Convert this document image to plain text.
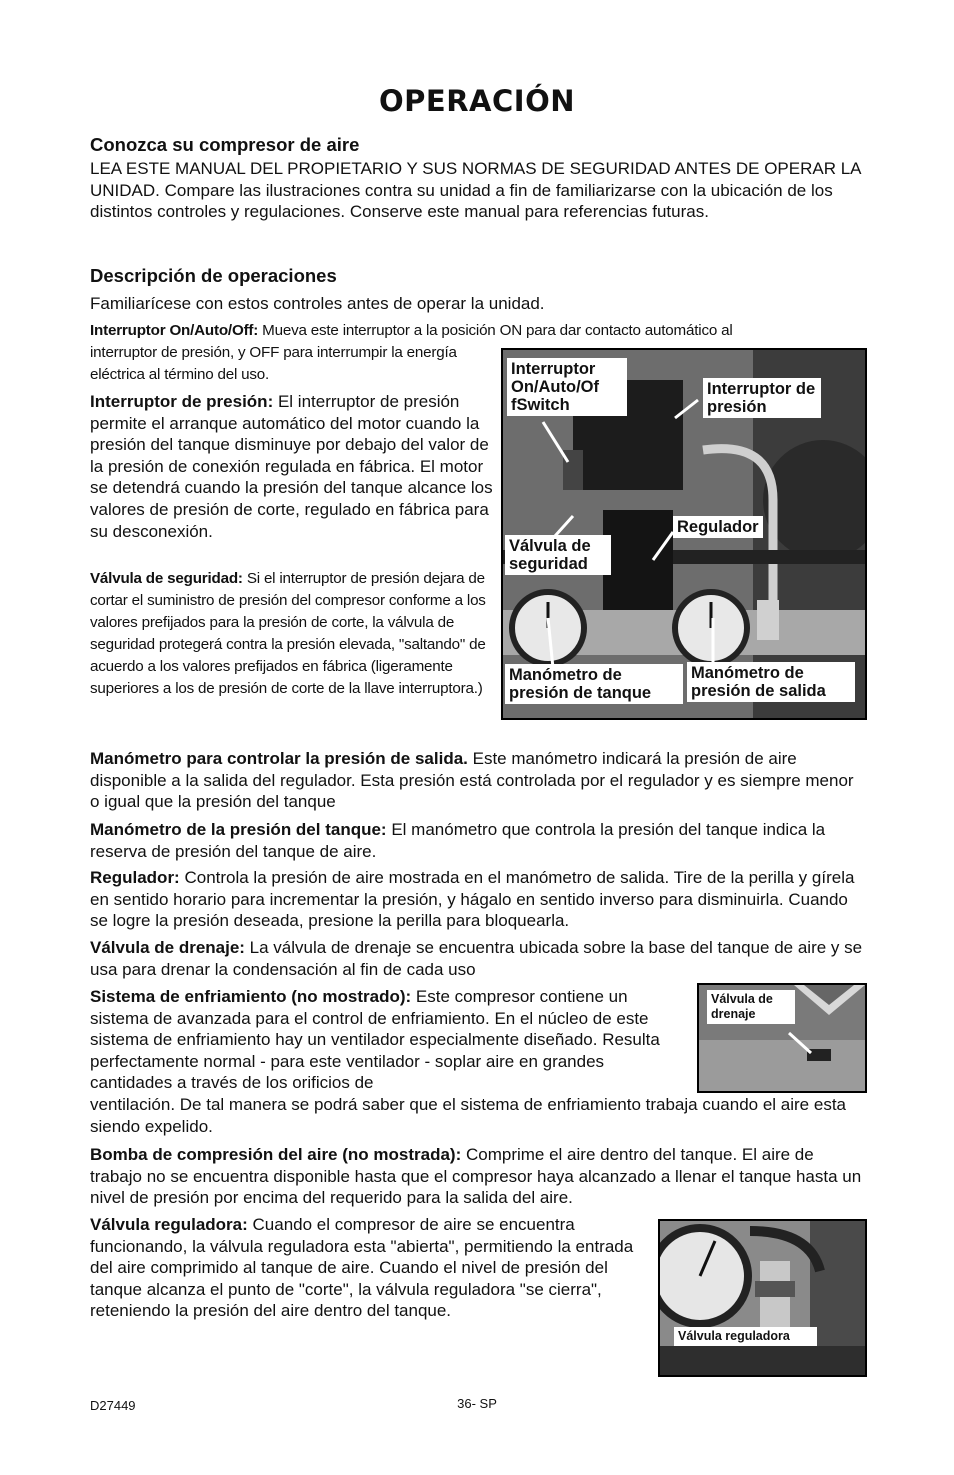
OPERACIÓN
Conozca su compresor de aire

LEA ESTE MANUAL DEL PROPIETARIO Y SUS NORMAS DE SEGURIDAD ANTES DE OPERAR LA UNIDAD. Compare las ilustraciones contra su unidad a fin de familiarizarse con la ubicación de los distintos controles y regulaciones. Conserve este manual para referencias futuras.

Descripción de operaciones

Familiarícese con estos controles antes de operar la unidad.

Interruptor On/Auto/Off: Mueva este interruptor a la posición ON para dar contacto automático al

interruptor de presión, y OFF para interrumpir la energía eléctrica al término del uso.

Interruptor de presión: El interruptor de presión permite el arranque automático del motor cuando la presión del tanque disminuye por debajo del valor de la presión de conexión regulada en fábrica. El motor se detendrá cuando la presión del tanque alcance los valores de presión de corte, regulado en fábrica para su desconexión.

Válvula de seguridad: Si el interruptor de presión dejara de cortar el suministro de presión del compresor conforme a los valores prefijados para la presión de corte, la válvula de seguridad protegerá contra la presión elevada, "saltando" de acuerdo a los valores prefijados en fábrica (ligeramente superiores a los de presión de corte de la llave interruptora.)

Interruptor On/Auto/Of fSwitch
Interruptor de presión
Regulador
Válvula de seguridad
Manómetro de presión de tanque
Manómetro de presión de salida

Manómetro para controlar la presión de salida. Este manómetro indicará la presión de aire disponible a la salida del regulador. Esta presión está controlada por el regulador y es siempre menor o igual que la presión del tanque

Manómetro de la presión del tanque: El manómetro que controla la presión del tanque indica la reserva de presión del tanque de aire.

Regulador: Controla la presión de aire mostrada en el manómetro de salida. Tire de la perilla y gírela en sentido horario para incrementar la presión, y hágalo en sentido inverso para disminuirla. Cuando se logre la presión deseada, presione la perilla para bloquearla.

Válvula de drenaje: La válvula de drenaje se encuentra ubicada sobre la base del tanque de aire y se usa para drenar la condensación al fin de cada uso

Sistema de enfriamiento (no mostrado): Este compresor contiene un sistema de avanzada para el control de enfriamiento. En el núcleo de este sistema de enfriamiento hay un ventilador especialmente diseñado. Resulta perfectamente normal - para este ventilador - soplar aire en grandes cantidades a través de los orificios de

ventilación. De tal manera se podrá saber que el sistema de enfriamiento trabaja cuando el aire esta siendo expelido.

Válvula de drenaje

Bomba de compresión del aire (no mostrada): Comprime el aire dentro del tanque. El aire de trabajo no se encuentra disponible hasta que el compresor haya alcanzado a llenar el tanque hasta un nivel de presión por encima del requerido para la salida del aire.

Válvula reguladora: Cuando el compresor de aire se encuentra funcionando, la válvula reguladora esta "abierta", permitiendo la entrada del aire comprimido al tanque de aire. Cuando el nivel de presión del tanque alcanza el punto de "corte", la válvula reguladora "se cierra", reteniendo la presión del aire dentro del tanque.

Válvula reguladora
D27449	36- SP
